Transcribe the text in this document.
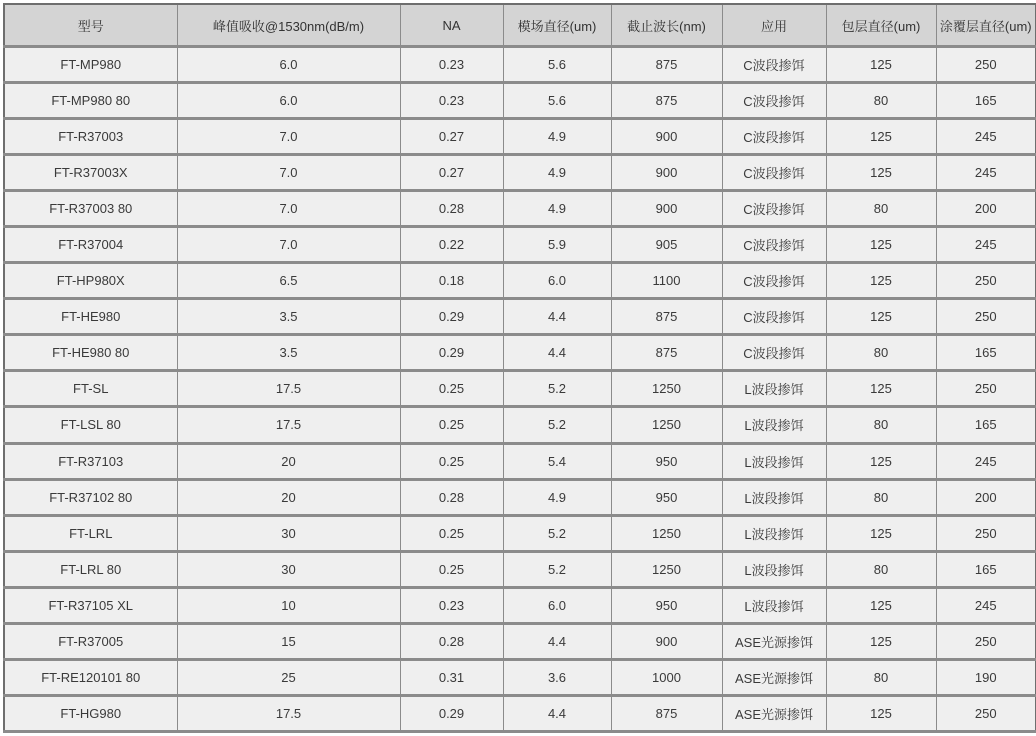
型号	峰值吸收@1530nm(dB/m)	NA	模场直径(um)	截止波长(nm)	应用	包层直径(um)	涂覆层直径(um)
FT-MP980	6.0	0.23	5.6	875	C波段掺饵	125	250
FT-MP980 80	6.0	0.23	5.6	875	C波段掺饵	80	165
FT-R37003	7.0	0.27	4.9	900	C波段掺饵	125	245
FT-R37003X	7.0	0.27	4.9	900	C波段掺饵	125	245
FT-R37003 80	7.0	0.28	4.9	900	C波段掺饵	80	200
FT-R37004	7.0	0.22	5.9	905	C波段掺饵	125	245
FT-HP980X	6.5	0.18	6.0	1100	C波段掺饵	125	250
FT-HE980	3.5	0.29	4.4	875	C波段掺饵	125	250
FT-HE980 80	3.5	0.29	4.4	875	C波段掺饵	80	165
FT-SL	17.5	0.25	5.2	1250	L波段掺饵	125	250
FT-LSL 80	17.5	0.25	5.2	1250	L波段掺饵	80	165
FT-R37103	20	0.25	5.4	950	L波段掺饵	125	245
FT-R37102 80	20	0.28	4.9	950	L波段掺饵	80	200
FT-LRL	30	0.25	5.2	1250	L波段掺饵	125	250
FT-LRL 80	30	0.25	5.2	1250	L波段掺饵	80	165
FT-R37105 XL	10	0.23	6.0	950	L波段掺饵	125	245
FT-R37005	15	0.28	4.4	900	ASE光源掺饵	125	250
FT-RE120101 80	25	0.31	3.6	1000	ASE光源掺饵	80	190
FT-HG980	17.5	0.29	4.4	875	ASE光源掺饵	125	250
